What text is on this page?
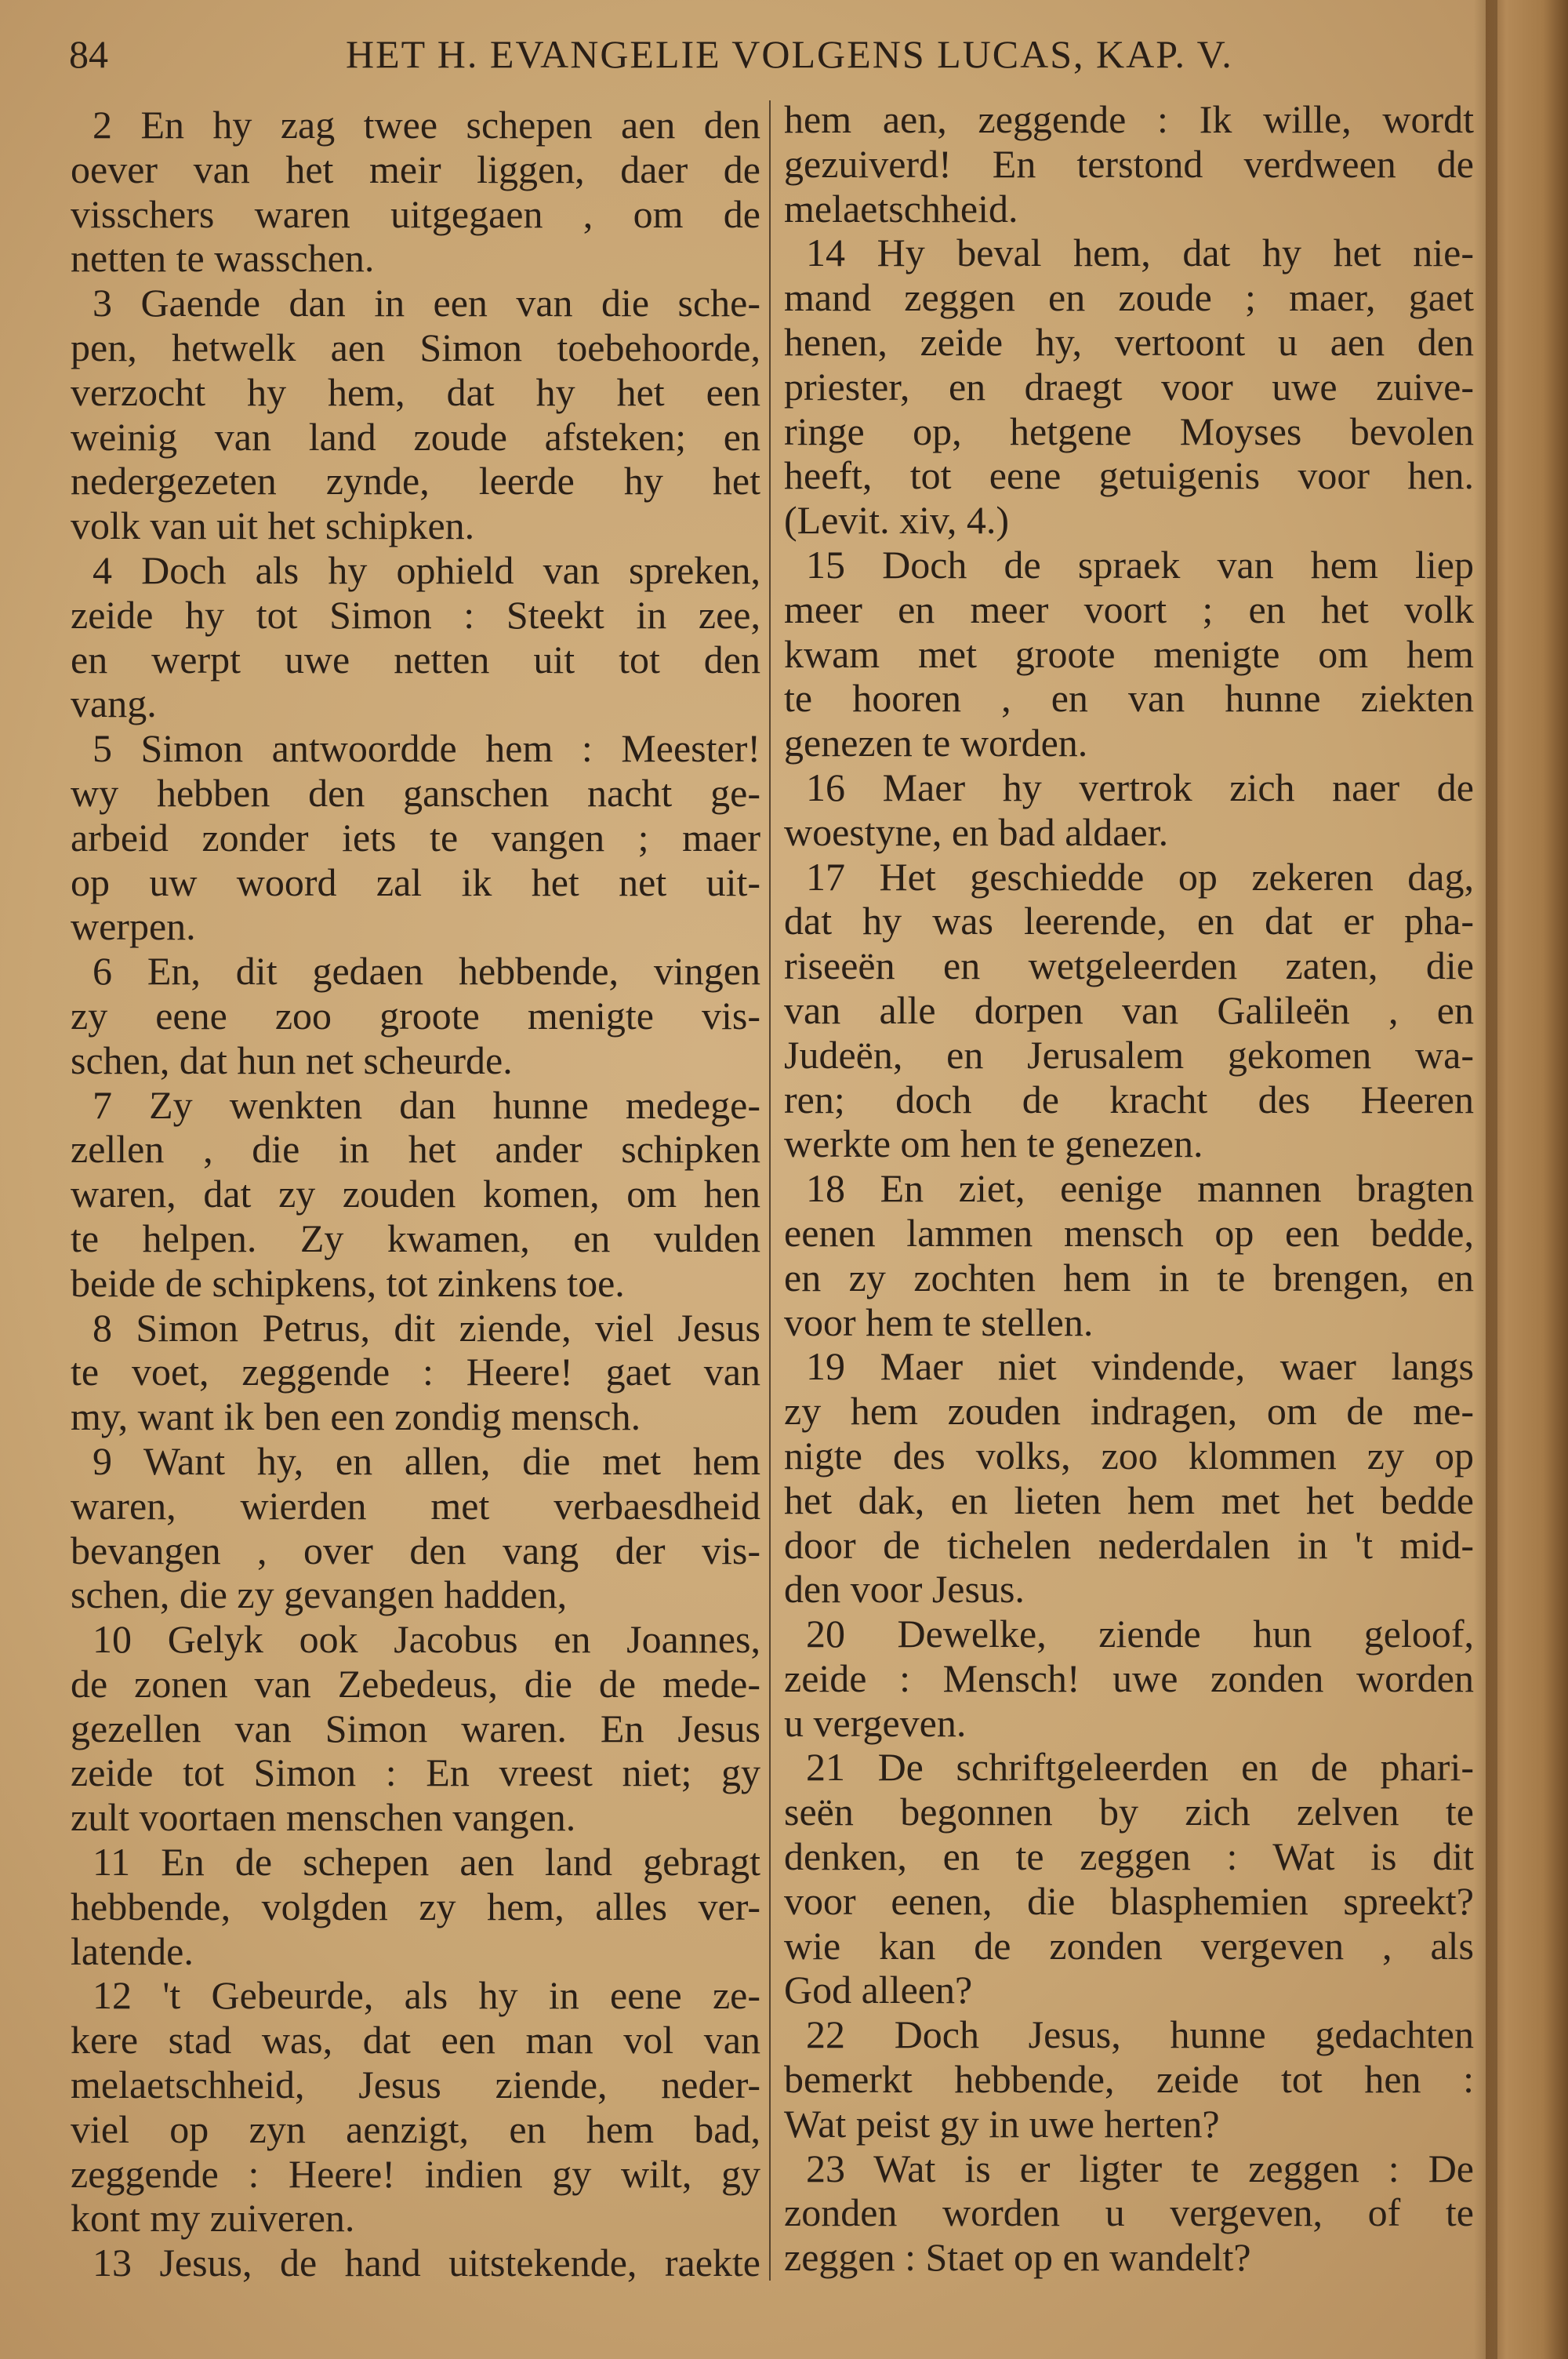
84	HET H. EVANGELIE VOLGENS LUCAS, KAP. V.
2 En hy zag twee schepen aen den
oever van het meir liggen, daer de
visschers waren uitgegaen , om de
netten te wasschen.
3 Gaende dan in een van die sche-
pen, hetwelk aen Simon toebehoorde,
verzocht hy hem, dat hy het een
weinig van land zoude afsteken; en
nedergezeten zynde, leerde hy het
volk van uit het schipken.
4 Doch als hy ophield van spreken,
zeide hy tot Simon : Steekt in zee,
en werpt uwe netten uit tot den
vang.
5 Simon antwoordde hem : Meester!
wy hebben den ganschen nacht ge-
arbeid zonder iets te vangen ; maer
op uw woord zal ik het net uit-
werpen.
6 En, dit gedaen hebbende, vingen
zy eene zoo groote menigte vis-
schen, dat hun net scheurde.
7 Zy wenkten dan hunne medege-
zellen , die in het ander schipken
waren, dat zy zouden komen, om hen
te helpen. Zy kwamen, en vulden
beide de schipkens, tot zinkens toe.
8 Simon Petrus, dit ziende, viel Jesus
te voet, zeggende : Heere! gaet van
my, want ik ben een zondig mensch.
9 Want hy, en allen, die met hem
waren, wierden met verbaesdheid
bevangen , over den vang der vis-
schen, die zy gevangen hadden,
10 Gelyk ook Jacobus en Joannes,
de zonen van Zebedeus, die de mede-
gezellen van Simon waren. En Jesus
zeide tot Simon : En vreest niet; gy
zult voortaen menschen vangen.
11 En de schepen aen land gebragt
hebbende, volgden zy hem, alles ver-
latende.
12 't Gebeurde, als hy in eene ze-
kere stad was, dat een man vol van
melaetschheid, Jesus ziende, neder-
viel op zyn aenzigt, en hem bad,
zeggende : Heere! indien gy wilt, gy
kont my zuiveren.
13 Jesus, de hand uitstekende, raekte
hem aen, zeggende : Ik wille, wordt
gezuiverd! En terstond verdween de
melaetschheid.
14 Hy beval hem, dat hy het nie-
mand zeggen en zoude ; maer, gaet
henen, zeide hy, vertoont u aen den
priester, en draegt voor uwe zuive-
ringe op, hetgene Moyses bevolen
heeft, tot eene getuigenis voor hen.
(Levit. xiv, 4.)
15 Doch de spraek van hem liep
meer en meer voort ; en het volk
kwam met groote menigte om hem
te hooren , en van hunne ziekten
genezen te worden.
16 Maer hy vertrok zich naer de
woestyne, en bad aldaer.
17 Het geschiedde op zekeren dag,
dat hy was leerende, en dat er pha-
riseeën en wetgeleerden zaten, die
van alle dorpen van Galileën , en
Judeën, en Jerusalem gekomen wa-
ren; doch de kracht des Heeren
werkte om hen te genezen.
18 En ziet, eenige mannen bragten
eenen lammen mensch op een bedde,
en zy zochten hem in te brengen, en
voor hem te stellen.
19 Maer niet vindende, waer langs
zy hem zouden indragen, om de me-
nigte des volks, zoo klommen zy op
het dak, en lieten hem met het bedde
door de tichelen nederdalen in 't mid-
den voor Jesus.
20 Dewelke, ziende hun geloof,
zeide : Mensch! uwe zonden worden
u vergeven.
21 De schriftgeleerden en de phari-
seën begonnen by zich zelven te
denken, en te zeggen : Wat is dit
voor eenen, die blasphemien spreekt?
wie kan de zonden vergeven , als
God alleen?
22 Doch Jesus, hunne gedachten
bemerkt hebbende, zeide tot hen :
Wat peist gy in uwe herten?
23 Wat is er ligter te zeggen : De
zonden worden u vergeven, of te
zeggen : Staet op en wandelt?
